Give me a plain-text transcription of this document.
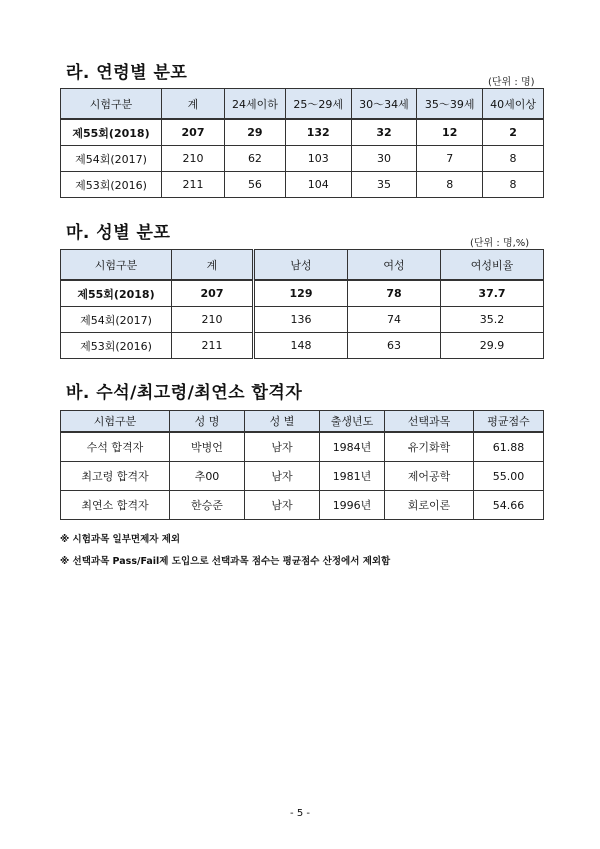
라. 연령별 분포	(단위 : 명)
시험구분	계	24세이하	25～29세	30～34세	35～39세	40세이상
제55회(2018)	207	29	132	32	12	2
제54회(2017)	210	62	103	30	7	8
제53회(2016)	211	56	104	35	8	8
마. 성별 분포
(단위 : 명,%)
시험구분	계	남성	여성	여성비율
제55회(2018)	207	129	78	37.7
제54회(2017)	210	136	74	35.2
제53회(2016)	211	148	63	29.9
바. 수석/최고령/최연소 합격자
시험구분	성 명	성 별	출생년도	선택과목	평균점수
수석 합격자	박병언	남자	1984년	유기화학	61.88
최고령 합격자	추00	남자	1981년	제어공학	55.00
최연소 합격자	한승준	남자	1996년	회로이론	54.66
※ 시험과목 일부면제자 제외
※ 선택과목 Pass/Fail제 도입으로 선택과목 점수는 평균점수 산정에서 제외함
- 5 -
